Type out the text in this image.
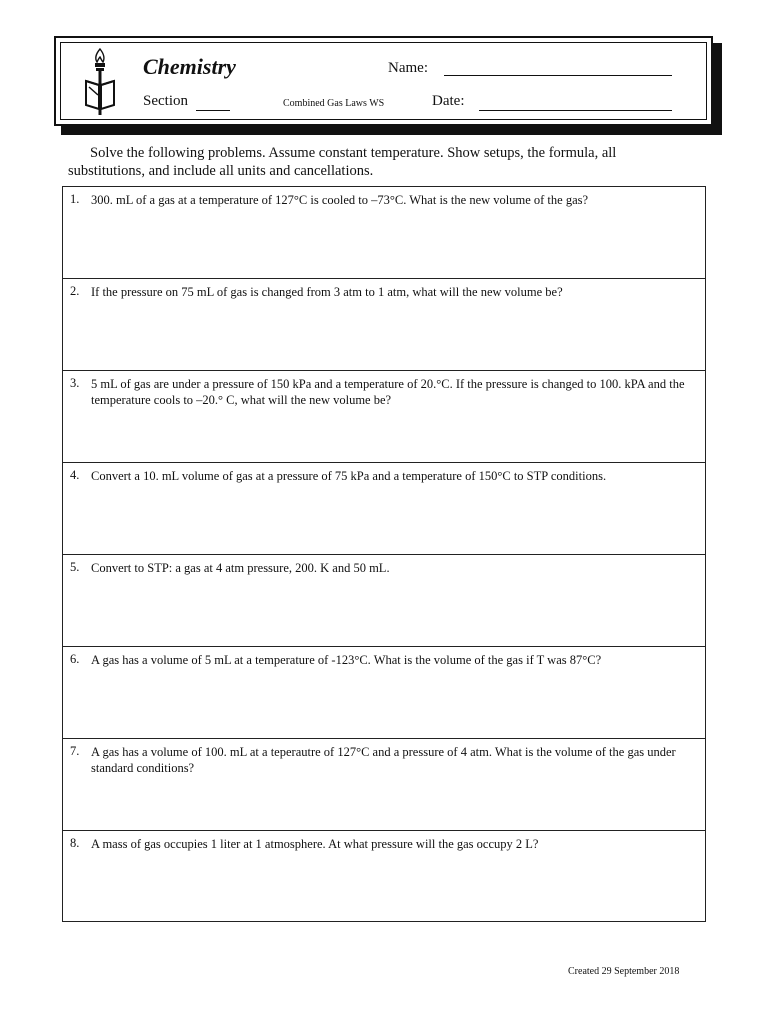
Chemistry	Name:
Section	Combined Gas Laws WS	Date:
Solve the following problems. Assume constant temperature. Show setups, the formula, all substitutions, and include all units and cancellations.
1. 300. mL of a gas at a temperature of 127°C is cooled to –73°C. What is the new volume of the gas?
2. If the pressure on 75 mL of gas is changed from 3 atm to 1 atm, what will the new volume be?
3. 5 mL of gas are under a pressure of 150 kPa and a temperature of 20.°C. If the pressure is changed to 100. kPA and the temperature cools to –20.° C, what will the new volume be?
4. Convert a 10. mL volume of gas at a pressure of 75 kPa and a temperature of 150°C to STP conditions.
5. Convert to STP: a gas at 4 atm pressure, 200. K and 50 mL.
6. A gas has a volume of 5 mL at a temperature of -123°C. What is the volume of the gas if T was 87°C?
7. A gas has a volume of 100. mL at a teperautre of 127°C and a pressure of 4 atm. What is the volume of the gas under standard conditions?
8. A mass of gas occupies 1 liter at 1 atmosphere. At what pressure will the gas occupy 2 L?
Created 29 September 2018
